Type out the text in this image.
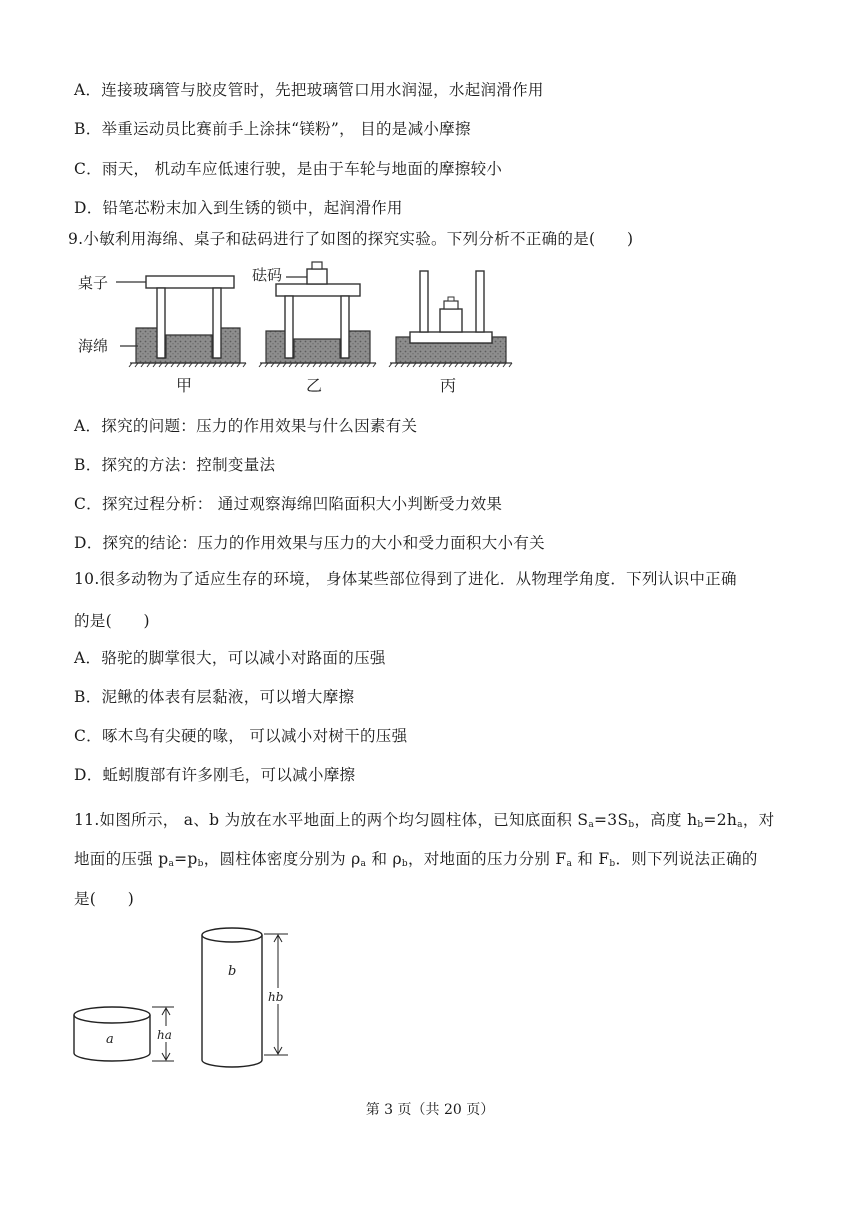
A．连接玻璃管与胶皮管时，先把玻璃管口用水润湿，水起润滑作用
B．举重运动员比赛前手上涂抹“镁粉”， 目的是减小摩擦
C．雨天， 机动车应低速行驶，是由于车轮与地面的摩擦较小
D．铅笔芯粉末加入到生锈的锁中，起润滑作用
9.小敏利用海绵、桌子和砝码进行了如图的探究实验。下列分析不正确的是(　　)
桌子
海绵
甲
砝码
乙	丙
A．探究的问题：压力的作用效果与什么因素有关
B．探究的方法：控制变量法
C．探究过程分析： 通过观察海绵凹陷面积大小判断受力效果
D．探究的结论：压力的作用效果与压力的大小和受力面积大小有关
10.很多动物为了适应生存的环境， 身体某些部位得到了进化．从物理学角度．下列认识中正确
的是(　　)
A．骆驼的脚掌很大，可以减小对路面的压强
B．泥鳅的体表有层黏液，可以增大摩擦
C．啄木鸟有尖硬的喙， 可以减小对树干的压强
D．蚯蚓腹部有许多刚毛，可以减小摩擦
11.如图所示， a、b 为放在水平地面上的两个均匀圆柱体，已知底面积 $S_a=3S_b$，高度 $h_b=2h_a$，对
地面的压强 $p_a=p_b$，圆柱体密度分别为 $\rho_a$ 和 $\rho_b$，对地面的压力分别 $F_a$ 和 $F_b$．则下列说法正确的
是(　　)
a	ha
b
hb
第 3 页（共 20 页）
